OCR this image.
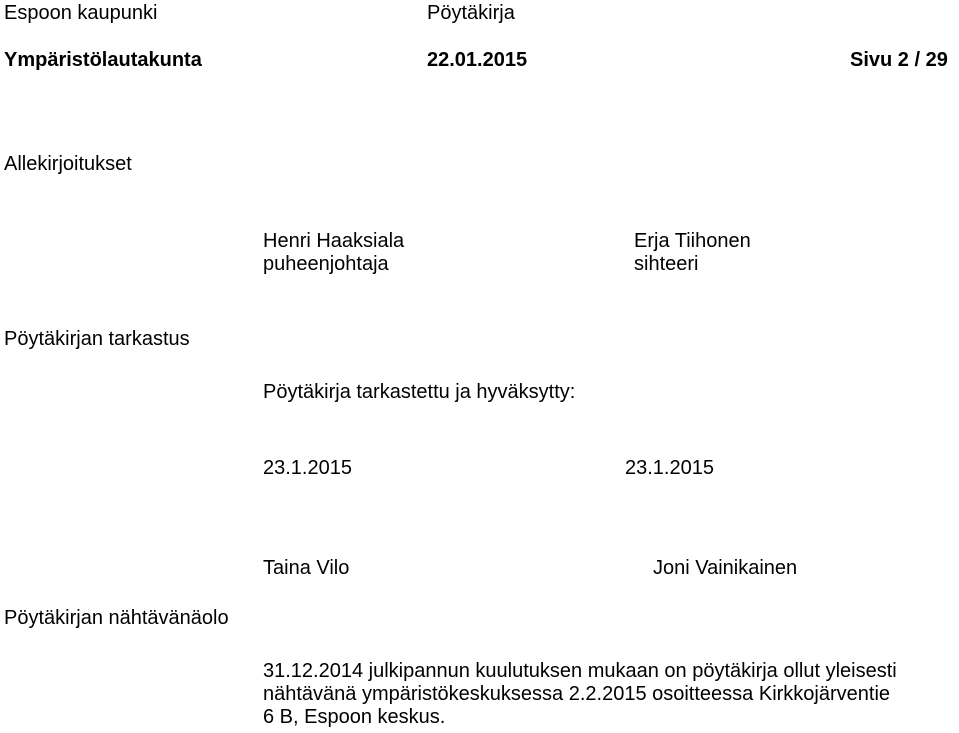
Espoon kaupunki	Pöytäkirja
Ympäristölautakunta	22.01.2015	Sivu 2 / 29
Allekirjoitukset
Henri Haaksiala
puheenjohtaja
Erja Tiihonen
sihteeri
Pöytäkirjan tarkastus
Pöytäkirja tarkastettu ja hyväksytty:
23.1.2015	23.1.2015
Taina Vilo	Joni Vainikainen
Pöytäkirjan nähtävänäolo
31.12.2014 julkipannun kuulutuksen mukaan on pöytäkirja ollut yleisesti
nähtävänä ympäristökeskuksessa 2.2.2015 osoitteessa Kirkkojärventie
6 B, Espoon keskus.
